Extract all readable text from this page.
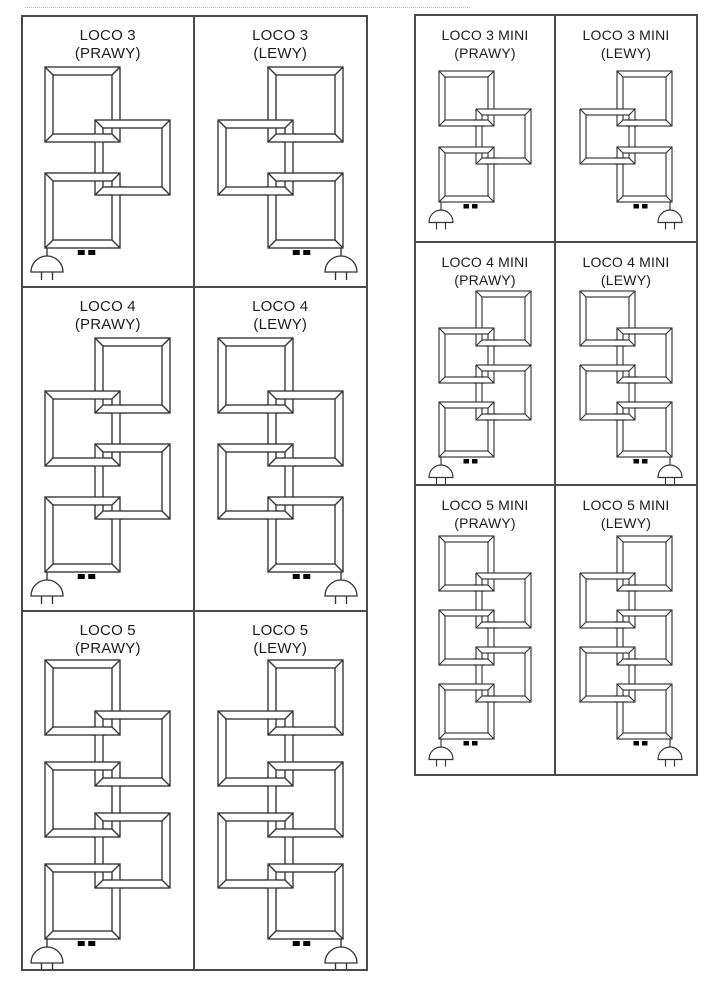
LOCO 3
(PRAWY)
LOCO 3
(LEWY)
LOCO 4
(PRAWY)
LOCO 4
(LEWY)
LOCO 5
(PRAWY)
LOCO 5
(LEWY)
LOCO 3 MINI
(PRAWY)
LOCO 3 MINI
(LEWY)
LOCO 4 MINI
(PRAWY)
LOCO 4 MINI
(LEWY)
LOCO 5 MINI
(PRAWY)
LOCO 5 MINI
(LEWY)
